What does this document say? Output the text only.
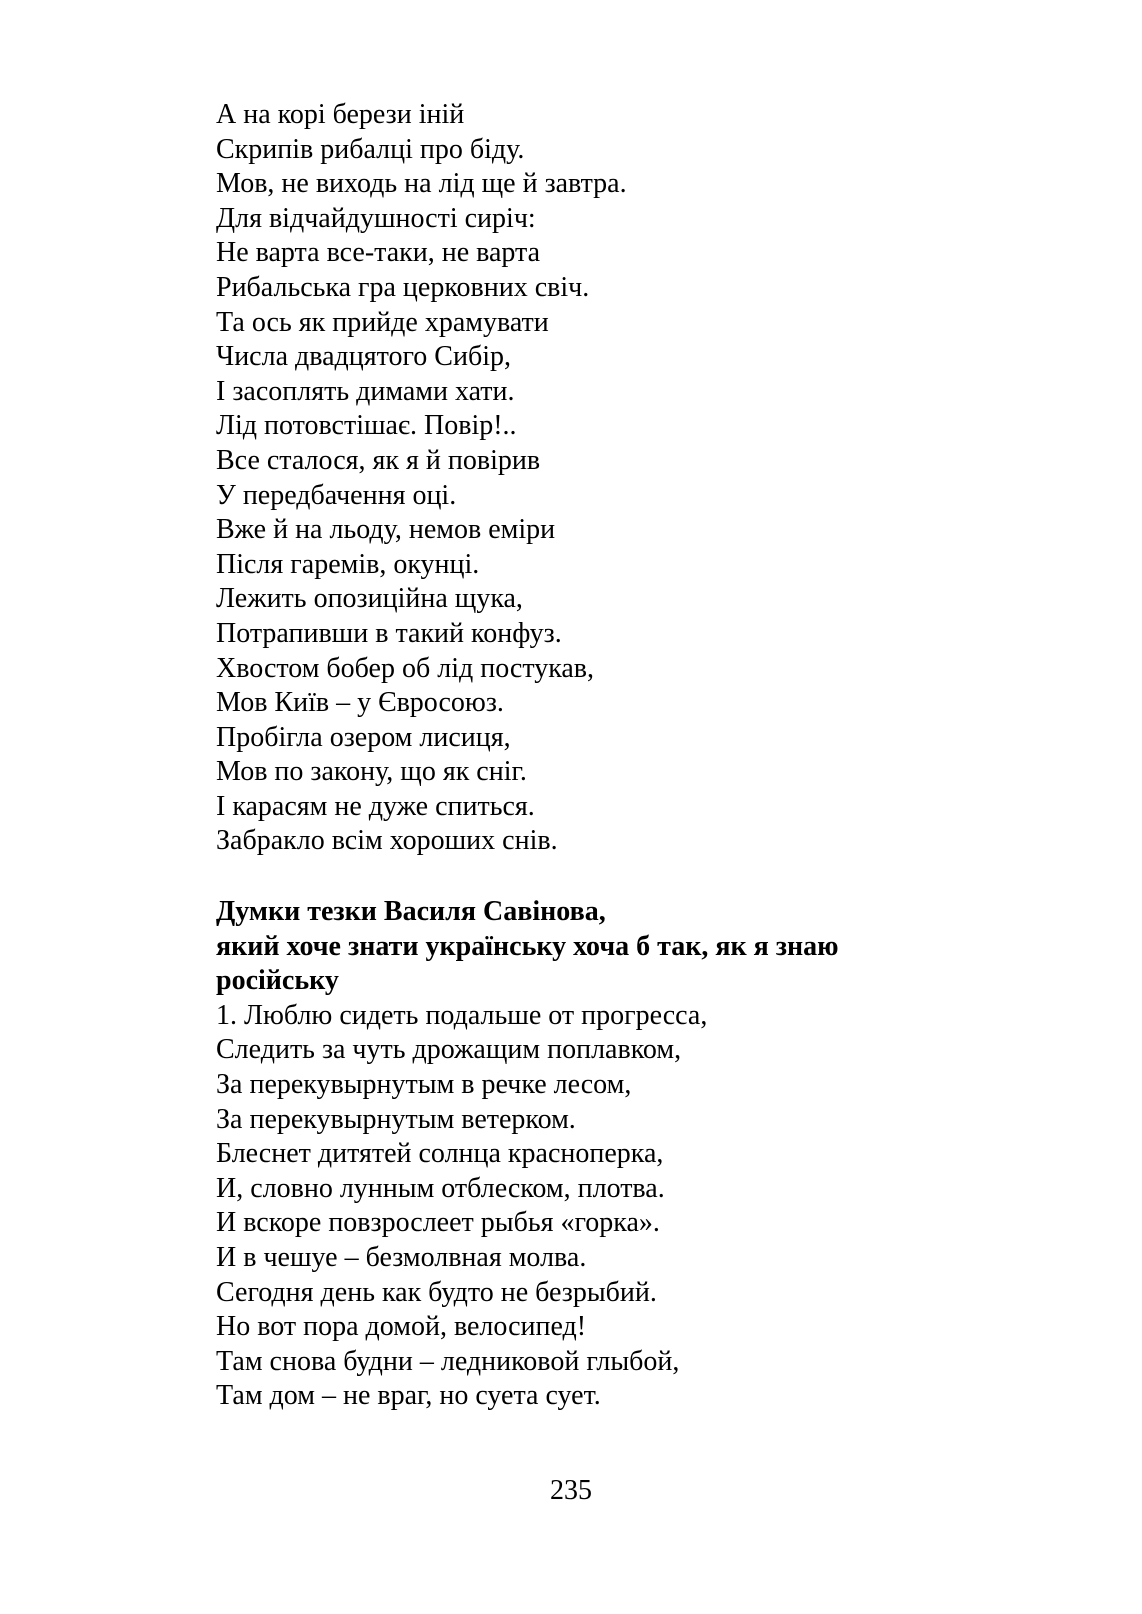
А на корі берези іній
Скрипів рибалці про біду.
Мов, не виходь на лід ще й завтра.
Для відчайдушності сиріч:
Не варта все-таки, не варта
Рибальська гра церковних свіч.
Та ось як прийде храмувати
Числа двадцятого Сибір,
І засоплять димами хати.
Лід потовстішає. Повір!..
Все сталося, як я й повірив
У передбачення оці.
Вже й на льоду, немов еміри
Після гаремів, окунці.
Лежить опозиційна щука,
Потрапивши в такий конфуз.
Хвостом бобер об лід постукав,
Мов Київ – у Євросоюз.
Пробігла озером лисиця,
Мов по закону, що як сніг.
І карасям не дуже спиться.
Забракло всім хороших снів.
Думки тезки Василя Савінова,
який хоче знати українську хоча б так, як я знаю
російську
1. Люблю сидеть подальше от прогресса,
Следить за чуть дрожащим поплавком,
За перекувырнутым в речке лесом,
За перекувырнутым ветерком.
Блеснет дитятей солнца красноперка,
И, словно лунным отблеском, плотва.
И вскоре повзрослеет рыбья «горка».
И в чешуе – безмолвная молва.
Сегодня день как будто не безрыбий.
Но вот пора домой, велосипед!
Там снова будни – ледниковой глыбой,
Там дом – не враг, но суета сует.
235
